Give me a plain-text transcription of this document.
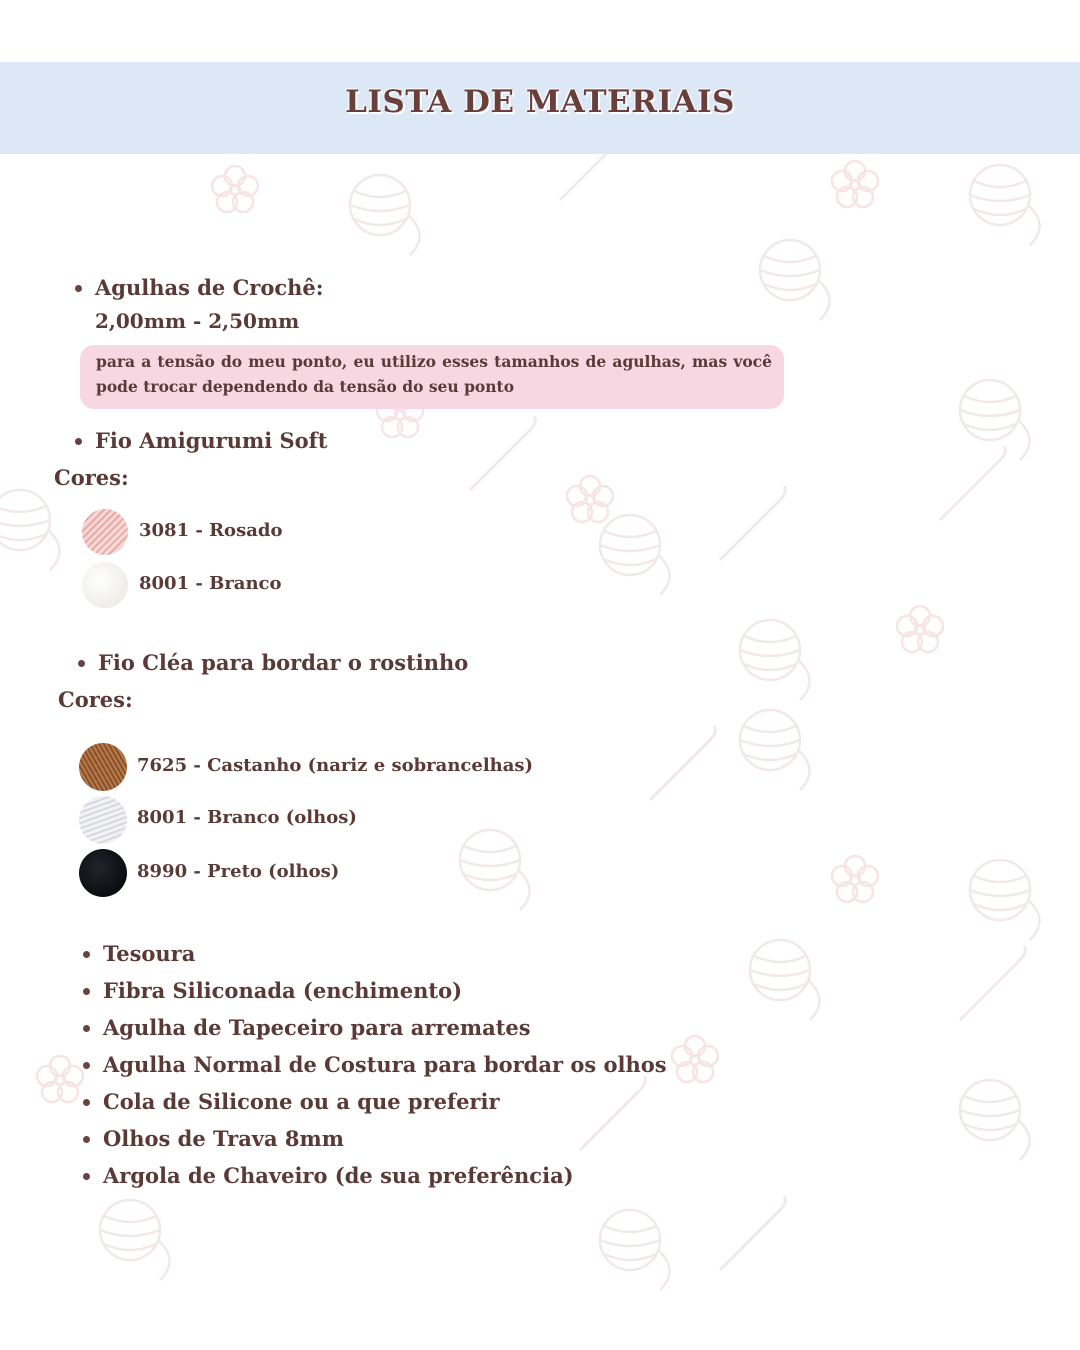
LISTA DE MATERIAIS
Agulhas de Crochê:
2,00mm - 2,50mm
para a tensão do meu ponto, eu utilizo esses tamanhos de agulhas, mas você pode trocar dependendo da tensão do seu ponto
Fio Amigurumi Soft
Cores:
3081 - Rosado
8001 - Branco
Fio Cléa para bordar o rostinho
Cores:
7625 - Castanho (nariz e sobrancelhas)
8001 - Branco (olhos)
8990 - Preto (olhos)
Tesoura
Fibra Siliconada (enchimento)
Agulha de Tapeceiro para arremates
Agulha Normal de Costura para bordar os olhos
Cola de Silicone ou a que preferir
Olhos de Trava 8mm
Argola de Chaveiro (de sua preferência)
